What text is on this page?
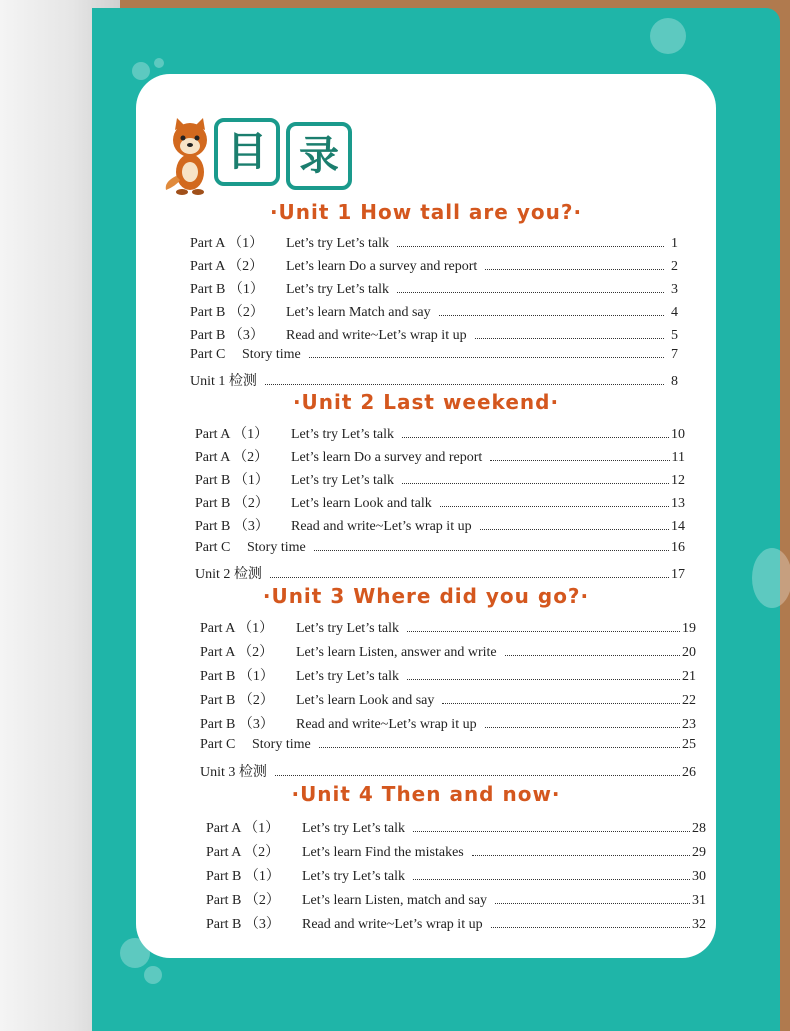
目 录
·Unit 1 How tall are you?·
Part A （1）	Let’s try Let’s talk	1
Part A （2）	Let’s learn Do a survey and report	2
Part B （1）	Let’s try Let’s talk	3
Part B （2）	Let’s learn Match and say	4
Part B （3）	Read and write~Let’s wrap it up	5
Part C	Story time	7
Unit 1 检测	8
·Unit 2 Last weekend·
Part A （1）	Let’s try Let’s talk	10
Part A （2）	Let’s learn Do a survey and report	11
Part B （1）	Let’s try Let’s talk	12
Part B （2）	Let’s learn Look and talk	13
Part B （3）	Read and write~Let’s wrap it up	14
Part C	Story time	16
Unit 2 检测	17
·Unit 3 Where did you go?·
Part A （1）	Let’s try Let’s talk	19
Part A （2）	Let’s learn Listen, answer and write	20
Part B （1）	Let’s try Let’s talk	21
Part B （2）	Let’s learn Look and say	22
Part B （3）	Read and write~Let’s wrap it up	23
Part C	Story time	25
Unit 3 检测	26
·Unit 4 Then and now·
Part A （1）	Let’s try Let’s talk	28
Part A （2）	Let’s learn Find the mistakes	29
Part B （1）	Let’s try Let’s talk	30
Part B （2）	Let’s learn Listen, match and say	31
Part B （3）	Read and write~Let’s wrap it up	32
